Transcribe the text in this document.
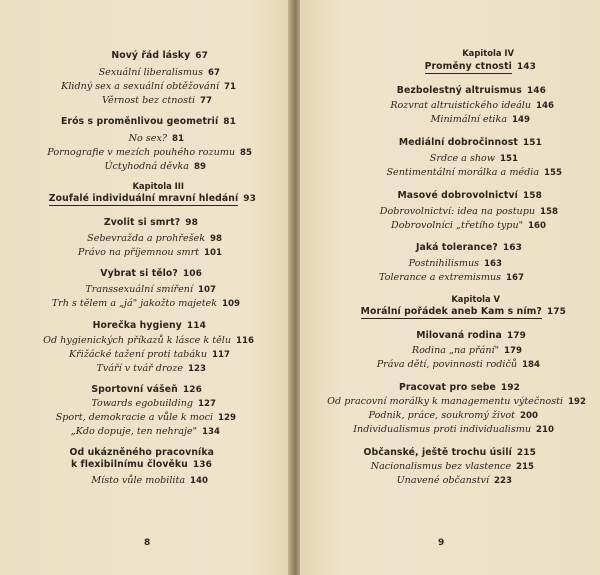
Nový řád lásky 67
Sexuální liberalismus 67
Klidný sex a sexuální obtěžování 71
Věrnost bez ctnosti 77
Erós s proměnlivou geometrií 81
No sex? 81
Pornografie v mezích pouhého rozumu 85
Úctyhodná děvka 89
Kapitola III
Zoufalé individuální mravní hledání 93
Zvolit si smrt? 98
Sebevražda a prohřešek 98
Právo na příjemnou smrt 101
Vybrat si tělo? 106
Transsexuální smíření 107
Trh s tělem a „já" jakožto majetek 109
Horečka hygieny 114
Od hygienických příkazů k lásce k tělu 116
Křižácké tažení proti tabáku 117
Tváří v tvář droze 123
Sportovní vášeň 126
Towards egobuilding 127
Sport, demokracie a vůle k moci 129
„Kdo dopuje, ten nehraje" 134
Od ukázněného pracovníka
k flexibilnímu člověku 136
Místo vůle mobilita 140
8
Kapitola IV
Proměny ctnosti 143
Bezbolestný altruismus 146
Rozvrat altruistického ideálu 146
Minimální etika 149
Mediální dobročinnost 151
Srdce a show 151
Sentimentální morálka a média 155
Masové dobrovolnictví 158
Dobrovolnictví: idea na postupu 158
Dobrovolníci „třetího typu" 160
Jaká tolerance? 163
Postnihilismus 163
Tolerance a extremismus 167
Kapitola V
Morální pořádek aneb Kam s ním? 175
Milovaná rodina 179
Rodina „na přání" 179
Práva dětí, povinnosti rodičů 184
Pracovat pro sebe 192
Od pracovní morálky k managementu výtečnosti 192
Podnik, práce, soukromý život 200
Individualismus proti individualismu 210
Občanské, ještě trochu úsilí 215
Nacionalismus bez vlastence 215
Unavené občanství 223
9
